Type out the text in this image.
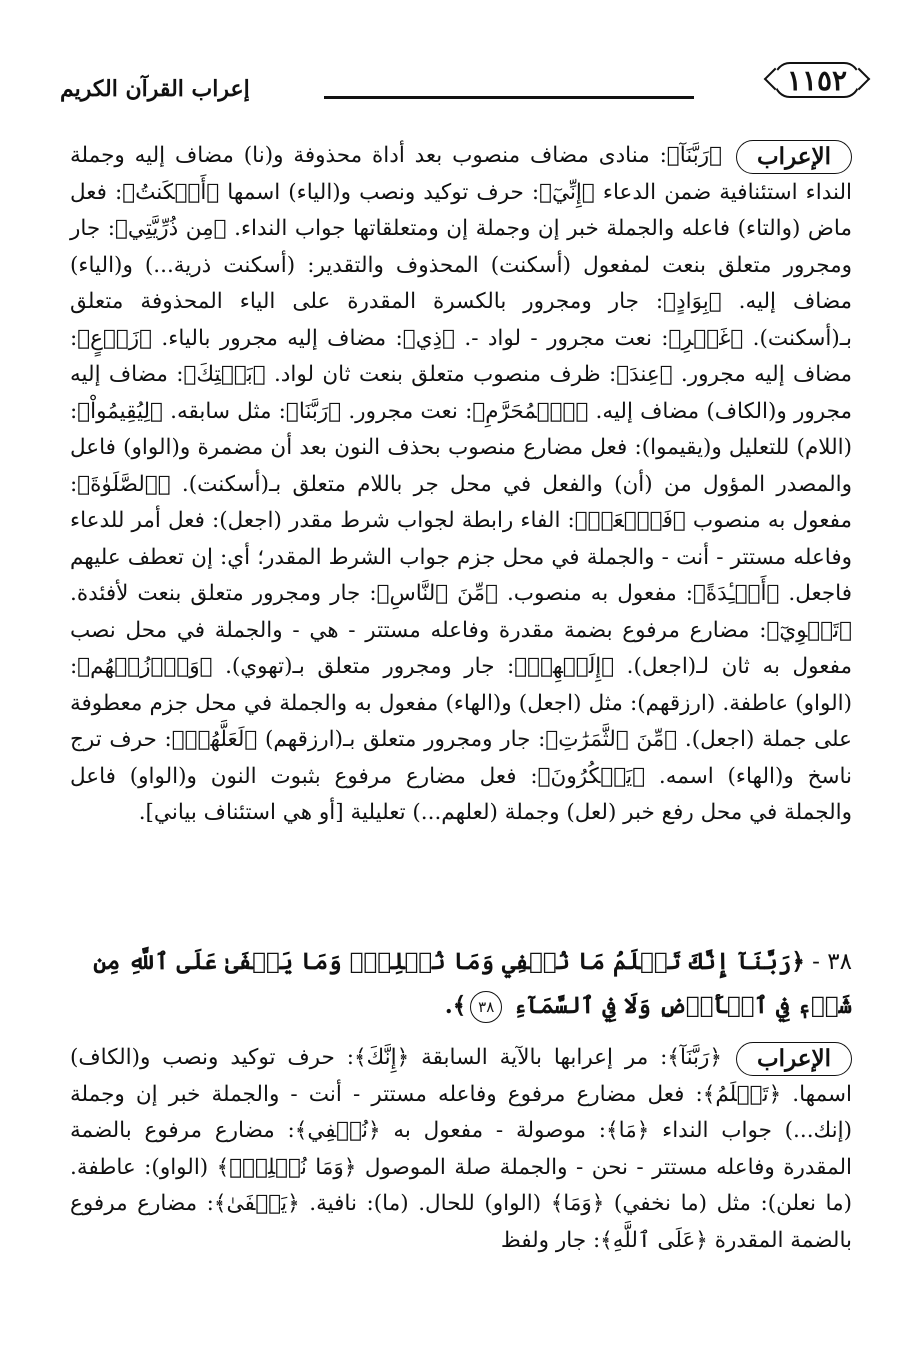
١١٥٢
إعراب القرآن الكريم
الإعراب
﴿رَبَّنَآ﴾: منادى مضاف منصوب بعد أداة محذوفة و(نا) مضاف إليه وجملة النداء استئنافية ضمن الدعاء ﴿إِنِّيٓ﴾: حرف توكيد ونصب و(الياء) اسمها ﴿أَسۡكَنتُ﴾: فعل ماض (والتاء) فاعله والجملة خبر إن وجملة إن ومتعلقاتها جواب النداء. ﴿مِن ذُرِّيَّتِي﴾: جار ومجرور متعلق بنعت لمفعول (أسكنت) المحذوف والتقدير: (أسكنت ذرية...) و(الياء) مضاف إليه. ﴿بِوَادٍ﴾: جار ومجرور بالكسرة المقدرة على الياء المحذوفة متعلق بـ(أسكنت). ﴿غَيۡرِ﴾: نعت مجرور - لواد -. ﴿ذِي﴾: مضاف إليه مجرور بالياء. ﴿زَرۡعٍ﴾: مضاف إليه مجرور. ﴿عِندَ﴾: ظرف منصوب متعلق بنعت ثان لواد. ﴿بَيۡتِكَ﴾: مضاف إليه مجرور و(الكاف) مضاف إليه. ﴿ٱلۡمُحَرَّمِ﴾: نعت مجرور. ﴿رَبَّنَا﴾: مثل سابقه. ﴿لِيُقِيمُواْ﴾: (اللام) للتعليل و(يقيموا): فعل مضارع منصوب بحذف النون بعد أن مضمرة و(الواو) فاعل والمصدر المؤول من (أن) والفعل في محل جر باللام متعلق بـ(أسكنت). ﴿ٱلصَّلَوٰةَ﴾: مفعول به منصوب ﴿فَٱجۡعَلۡ﴾: الفاء رابطة لجواب شرط مقدر (اجعل): فعل أمر للدعاء وفاعله مستتر - أنت - والجملة في محل جزم جواب الشرط المقدر؛ أي: إن تعطف عليهم فاجعل. ﴿أَفۡـِٔدَةً﴾: مفعول به منصوب. ﴿مِّنَ ٱلنَّاسِ﴾: جار ومجرور متعلق بنعت لأفئدة. ﴿تَهۡوِيٓ﴾: مضارع مرفوع بضمة مقدرة وفاعله مستتر - هي - والجملة في محل نصب مفعول به ثان لـ(اجعل). ﴿إِلَيۡهِمۡ﴾: جار ومجرور متعلق بـ(تهوي). ﴿وَٱرۡزُقۡهُم﴾: (الواو) عاطفة. (ارزقهم): مثل (اجعل) و(الهاء) مفعول به والجملة في محل جزم معطوفة على جملة (اجعل). ﴿مِّنَ ٱلثَّمَرَٰتِ﴾: جار ومجرور متعلق بـ(ارزقهم) ﴿لَعَلَّهُمۡ﴾: حرف ترج ناسخ و(الهاء) اسمه. ﴿يَشۡكُرُونَ﴾: فعل مضارع مرفوع بثبوت النون و(الواو) فاعل والجملة في محل رفع خبر (لعل) وجملة (لعلهم...) تعليلية [أو هي استئناف بياني].
٣٨ - ﴿رَبَّنَآ إِنَّكَ تَعۡلَمُ مَا نُخۡفِي وَمَا نُعۡلِنُۗ وَمَا يَخۡفَىٰ عَلَى ٱللَّهِ مِن شَيۡءٖ فِي ٱلۡأَرۡضِ وَلَا فِي ٱلسَّمَآءِ ٣٨﴾.
الإعراب
﴿رَبَّنَآ﴾: مر إعرابها بالآية السابقة ﴿إِنَّكَ﴾: حرف توكيد ونصب و(الكاف) اسمها. ﴿تَعۡلَمُ﴾: فعل مضارع مرفوع وفاعله مستتر - أنت - والجملة خبر إن وجملة (إنك...) جواب النداء ﴿مَا﴾: موصولة - مفعول به ﴿نُخۡفِي﴾: مضارع مرفوع بالضمة المقدرة وفاعله مستتر - نحن - والجملة صلة الموصول ﴿وَمَا نُعۡلِنُۗ﴾ (الواو): عاطفة. (ما نعلن): مثل (ما نخفي) ﴿وَمَا﴾ (الواو) للحال. (ما): نافية. ﴿يَخۡفَىٰ﴾: مضارع مرفوع بالضمة المقدرة ﴿عَلَى ٱللَّهِ﴾: جار ولفظ
